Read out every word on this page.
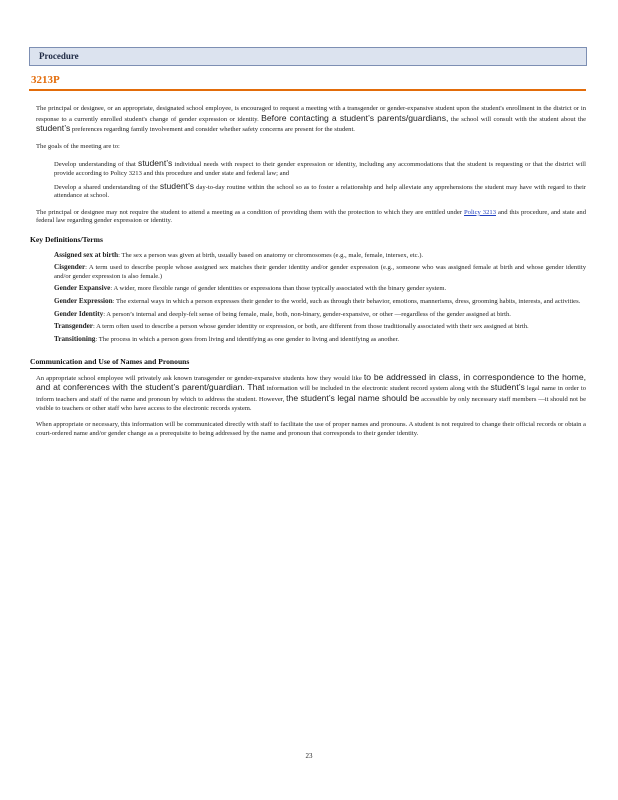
Procedure
3213P

The principal or designee, or an appropriate, designated school employee, is encouraged to request a meeting with a transgender or gender-expansive student upon the student's enrollment in the district or in response to a currently enrolled student's change of gender expression or identity. Before contacting a student’s parents/guardians, the school will consult with the student about the student’s preferences regarding family involvement and consider whether safety concerns are present for the student.

The goals of the meeting are to:

Develop understanding of that student’s individual needs with respect to their gender expression or identity, including any accommodations that the student is requesting or that the district will provide according to Policy 3213 and this procedure and under state and federal law; and
Develop a shared understanding of the student’s day-to-day routine within the school so as to foster a relationship and help alleviate any apprehensions the student may have with regard to their attendance at school.

The principal or designee may not require the student to attend a meeting as a condition of providing them with the protection to which they are entitled under Policy 3213 and this procedure, and state and federal law regarding gender expression or identity.

Key Definitions/Terms
Assigned sex at birth: The sex a person was given at birth, usually based on anatomy or chromosomes (e.g., male, female, intersex, etc.).
Cisgender: A term used to describe people whose assigned sex matches their gender identity and/or gender expression (e.g., someone who was assigned female at birth and whose gender identity and/or gender expression is also female.)
Gender Expansive: A wider, more flexible range of gender identities or expressions than those typically associated with the binary gender system.
Gender Expression: The external ways in which a person expresses their gender to the world, such as through their behavior, emotions, mannerisms, dress, grooming habits, interests, and activities.
Gender Identity: A person’s internal and deeply-felt sense of being female, male, both, non-binary, gender-expansive, or other —regardless of the gender assigned at birth.
Transgender: A term often used to describe a person whose gender identity or expression, or both, are different from those traditionally associated with their sex assigned at birth.
Transitioning: The process in which a person goes from living and identifying as one gender to living and identifying as another.
Communication and Use of Names and Pronouns

An appropriate school employee will privately ask known transgender or gender-expansive students how they would like to be addressed in class, in correspondence to the home, and at conferences with the student’s parent/guardian. That information will be included in the electronic student record system along with the student’s legal name in order to inform teachers and staff of the name and pronoun by which to address the student. However, the student’s legal name should be accessible by only necessary staff members —it should not be visible to teachers or other staff who have access to the electronic records system.

When appropriate or necessary, this information will be communicated directly with staff to facilitate the use of proper names and pronouns. A student is not required to change their official records or obtain a court-ordered name and/or gender change as a prerequisite to being addressed by the name and pronoun that corresponds to their gender identity.

23
